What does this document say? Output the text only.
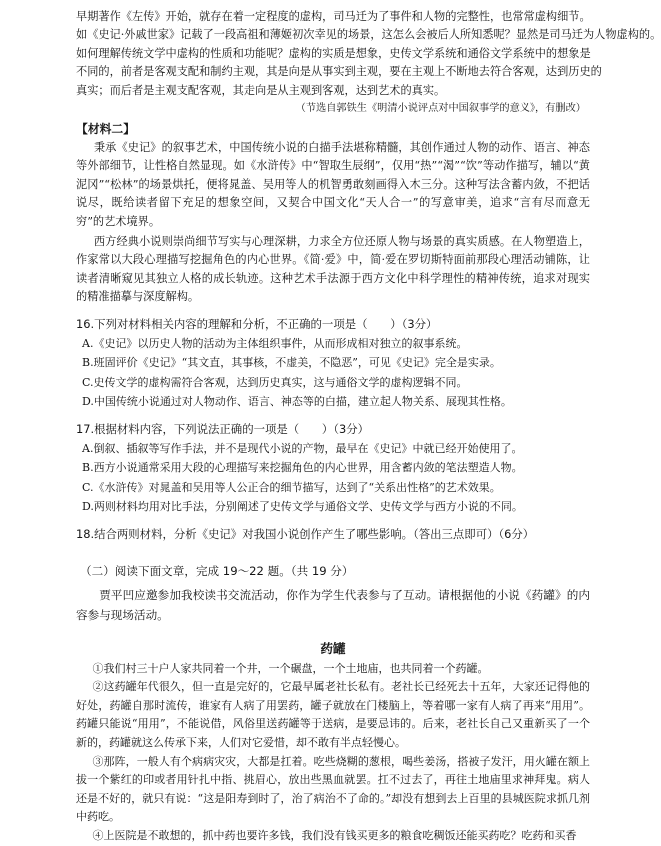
早期著作《左传》开始，就存在着一定程度的虚构，司马迁为了事件和人物的完整性，也常常虚构细节。

如《史记·外戚世家》记载了一段高祖和薄姬初次幸见的场景，这怎么会被后人所知悉呢？显然是司马迁为人物虚构的。

如何理解传统文学中虚构的性质和功能呢？虚构的实质是想象，史传文学系统和通俗文学系统中的想象是

不同的，前者是客观支配和制约主观，其是向是从事实到主观，要在主观上不断地去符合客观，达到历史的

真实；而后者是主观支配客观，其走向是从主观到客观，达到艺术的真实。

（节选自郭铁生《明清小说评点对中国叙事学的意义》，有删改）

【材料二】

秉承《史记》的叙事艺术，中国传统小说的白描手法堪称精髓，其创作通过人物的动作、语言、神态等外部细节，让性格自然显现。如《水浒传》中“智取生辰纲”，仅用“热”“渴”“饮”等动作描写，辅以“黄泥冈”“松林”的场景烘托，便将晁盖、吴用等人的机智勇敢刻画得入木三分。这种写法含蓄内敛，不把话说尽，既给读者留下充足的想象空间，又契合中国文化“天人合一”的写意审美，追求“言有尽而意无穷”的艺术境界。

西方经典小说则崇尚细节写实与心理深耕，力求全方位还原人物与场景的真实质感。在人物塑造上，作家常以大段心理描写挖掘角色的内心世界。《简·爱》中，简·爱在罗切斯特面前那段心理活动铺陈，让读者清晰窥见其独立人格的成长轨迹。这种艺术手法源于西方文化中科学理性的精神传统，追求对现实的精准描摹与深度解构。

16.下列对材料相关内容的理解和分析，不正确的一项是（　　）（3分）

A.《史记》以历史人物的活动为主体组织事件，从而形成相对独立的叙事系统。

B.班固评价《史记》“其文直，其事核，不虚美，不隐恶”，可见《史记》完全是实录。

C.史传文学的虚构需符合客观，达到历史真实，这与通俗文学的虚构逻辑不同。

D.中国传统小说通过对人物动作、语言、神态等的白描，建立起人物关系、展现其性格。

17.根据材料内容，下列说法正确的一项是（　　）（3分）

A.倒叙、插叙等写作手法，并不是现代小说的产物，最早在《史记》中就已经开始使用了。

B.西方小说通常采用大段的心理描写来挖掘角色的内心世界，用含蓄内敛的笔法塑造人物。

C.《水浒传》对晁盖和吴用等人公正合的细节描写，达到了“关系出性格”的艺术效果。

D.两则材料均用对比手法，分别阐述了史传文学与通俗文学、史传文学与西方小说的不同。

18.结合两则材料，分析《史记》对我国小说创作产生了哪些影响。（答出三点即可）（6分）

（二）阅读下面文章，完成 19～22 题。（共 19 分）

贾平凹应邀参加我校读书交流活动，你作为学生代表参与了互动。请根据他的小说《药罐》的内容参与现场活动。

药罐

①我们村三十户人家共同着一个井，一个碾盘，一个土地庙，也共同着一个药罐。

②这药罐年代很久，但一直是完好的，它最早属老社长私有。老社长已经死去十五年，大家还记得他的好处，药罐自那时流传，谁家有人病了用罢药，罐子就放在门楼脑上，等着哪一家有人病了再来“用用”。药罐只能说“用用”，不能说借，风俗里送药罐等于送病，是要忌讳的。后来，老社长自己又重新买了一个新的，药罐就这么传承下来，人们对它爱惜，却不敢有半点轻慢心。

③那阵，一般人有个病病灾灾，大都是扛着。吃些烧糊的葱根，喝些姜汤，搭被子发汗，用火罐在额上拔一个紫红的印或者用针扎中指、挑眉心，放出些黑血就罢。扛不过去了，再往土地庙里求神拜鬼。病人还是不好的，就只有说：“这是阳寿到时了，治了病治不了命的。”却没有想到去上百里的县城医院求抓几剂中药吃。

④上医院是不敢想的，抓中药也要许多钱，我们没有钱买更多的粮食吃稠饭还能买药吃？吃药和买香
